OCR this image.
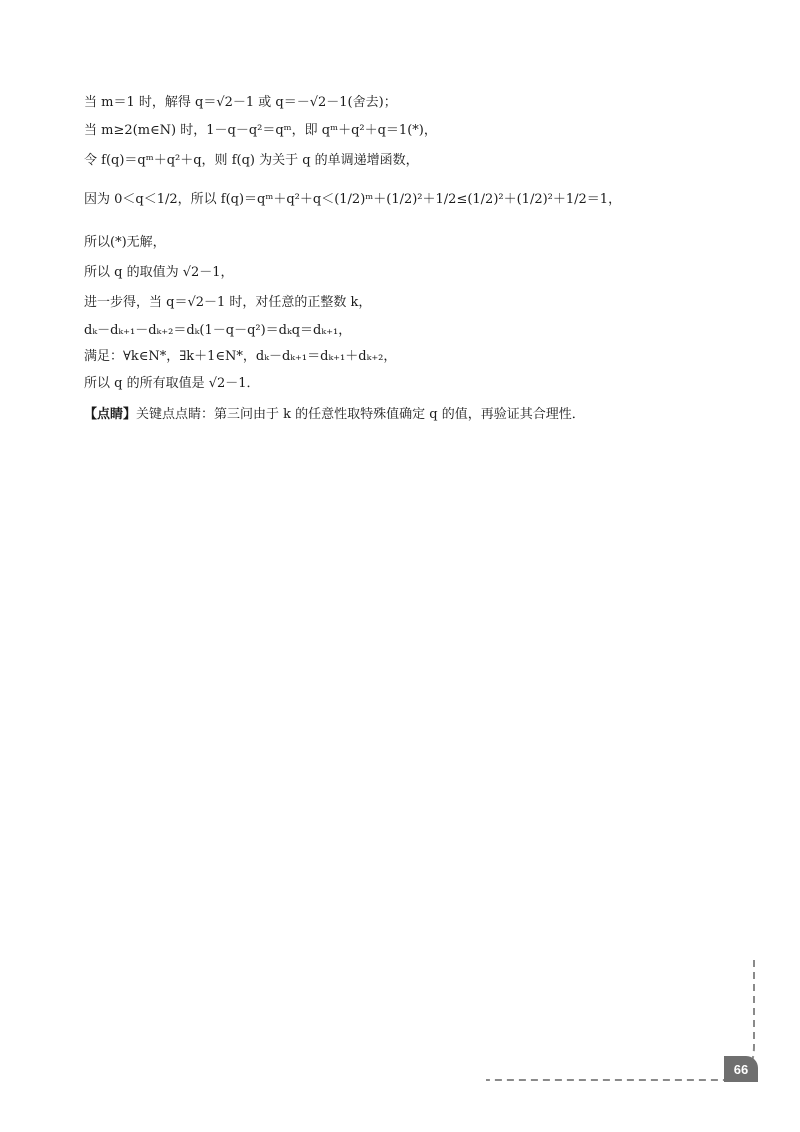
当 m＝1 时，解得 q＝√2－1 或 q＝－√2－1(舍去)；
当 m≥2(m∈N) 时，1－q－q²＝qᵐ，即 qᵐ＋q²＋q＝1(*)，
令 f(q)＝qᵐ＋q²＋q，则 f(q) 为关于 q 的单调递增函数，
因为 0＜q＜1/2，所以 f(q)＝qᵐ＋q²＋q＜(1/2)ᵐ＋(1/2)²＋1/2≤(1/2)²＋(1/2)²＋1/2＝1，
所以(*)无解，
所以 q 的取值为 √2－1，
进一步得，当 q＝√2－1 时，对任意的正整数 k，
dₖ－dₖ₊₁－dₖ₊₂＝dₖ(1－q－q²)＝dₖq＝dₖ₊₁，
满足：∀k∈N*，∃k＋1∈N*，dₖ－dₖ₊₁＝dₖ₊₁＋dₖ₊₂，
所以 q 的所有取值是 √2－1．
【点睛】关键点点睛：第三问由于 k 的任意性取特殊值确定 q 的值，再验证其合理性．
66
